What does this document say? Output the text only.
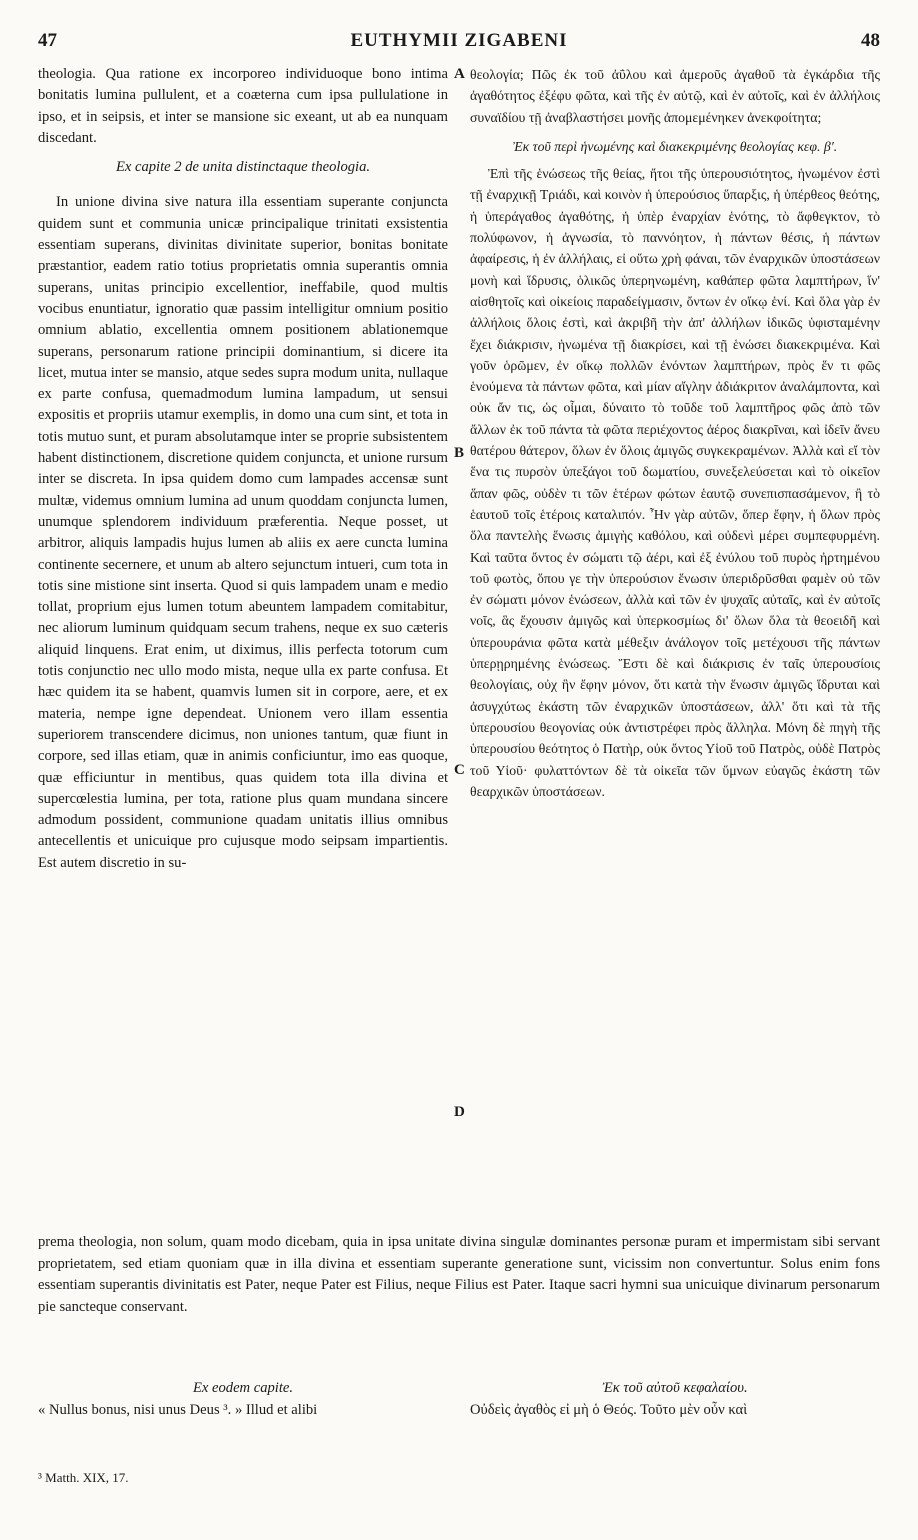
47	EUTHYMII ZIGABENI	48

theologia. Qua ratione ex incorporeo individuoque bono intima bonitatis lumina pullulent, et a coæterna cum ipsa pullulatione in ipso, et in seipsis, et inter se mansione sic exeant, ut ab ea nunquam discedant.

Ex capite 2 de unita distinctaque theologia.

In unione divina sive natura illa essentiam superante conjuncta quidem sunt et communia unicæ principalique trinitati exsistentia essentiam superans, divinitas divinitate superior, bonitas bonitate præstantior, eadem ratio totius proprietatis omnia superantis omnia superans, unitas principio excellentior, ineffabile, quod multis vocibus enuntiatur, ignoratio quæ passim intelligitur omnium positio omnium ablatio, excellentia omnem positionem ablationemque superans, personarum ratione principii dominantium, si dicere ita licet, mutua inter se mansio, atque sedes supra modum unita, nullaque ex parte confusa, quemadmodum lumina lampadum, ut sensui expositis et propriis utamur exemplis, in domo una cum sint, et tota in totis mutuo sunt, et puram absolutamque inter se proprie subsistentem habent distinctionem, discretione quidem conjuncta, et unione rursum inter se discreta. In ipsa quidem domo cum lampades accensæ sunt multæ, videmus omnium lumina ad unum quoddam conjuncta lumen, unumque splendorem individuum præferentia. Neque posset, ut arbitror, aliquis lampadis hujus lumen ab aliis ex aere cuncta lumina continente secernere, et unum ab altero sejunctum intueri, cum tota in totis sine mistione sint inserta. Quod si quis lampadem unam e medio tollat, proprium ejus lumen totum abeuntem lampadem comitabitur, nec aliorum luminum quidquam secum trahens, neque ex suo cæteris aliquid linquens. Erat enim, ut diximus, illis perfecta totorum cum totis conjunctio nec ullo modo mista, neque ulla ex parte confusa. Et hæc quidem ita se habent, quamvis lumen sit in corpore, aere, et ex materia, nempe igne dependeat. Unionem vero illam essentia superiorem transcendere dicimus, non uniones tantum, quæ fiunt in corpore, sed illas etiam, quæ in animis conficiuntur, imo eas quoque, quæ efficiuntur in mentibus, quas quidem tota illa divina et supercœlestia lumina, per tota, ratione plus quam mundana sincere admodum possident, communione quadam unitatis illius omnibus antecellentis et unicuique pro cujusque modo seipsam impartientis. Est autem discretio in su-

θεολογία; Πῶς ἐκ τοῦ ἀΰλου καὶ ἀμεροῦς ἀγαθοῦ τὰ ἐγκάρδια τῆς ἀγαθότητος ἐξέφυ φῶτα, καὶ τῆς ἐν αὐτῷ, καὶ ἐν αὐτοῖς, καὶ ἐν ἀλλήλοις συναϊδίου τῇ ἀναβλαστήσει μονῆς ἀπομεμένηκεν ἀνεκφοίτητα;

Ἐκ τοῦ περὶ ἡνωμένης καὶ διακεκριμένης θεολογίας κεφ. β'.

Ἐπὶ τῆς ἑνώσεως τῆς θείας, ἤτοι τῆς ὑπερουσιότητος, ἡνωμένον ἐστὶ τῇ ἐναρχικῇ Τριάδι, καὶ κοινὸν ἡ ὑπερούσιος ὕπαρξις, ἡ ὑπέρθεος θεότης, ἡ ὑπεράγαθος ἀγαθότης, ἡ ὑπὲρ ἐναρχίαν ἑνότης, τὸ ἄφθεγκτον, τὸ πολύφωνον, ἡ ἀγνωσία, τὸ παννόητον, ἡ πάντων θέσις, ἡ πάντων ἀφαίρεσις, ἡ ἐν ἀλλήλαις, εἰ οὕτω χρὴ φάναι, τῶν ἐναρχικῶν ὑποστάσεων μονὴ καὶ ἵδρυσις, ὁλικῶς ὑπερηνωμένη, καθάπερ φῶτα λαμπτήρων, ἵν' αἰσθητοῖς καὶ οἰκείοις παραδείγμασιν, ὄντων ἐν οἴκῳ ἑνί. Καὶ ὅλα γὰρ ἐν ἀλλήλοις ὅλοις ἐστὶ, καὶ ἀκριβῆ τὴν ἀπ' ἀλλήλων ἰδικῶς ὑφισταμένην ἔχει διάκρισιν, ἡνωμένα τῇ διακρίσει, καὶ τῇ ἑνώσει διακεκριμένα. Καὶ γοῦν ὁρῶμεν, ἐν οἴκῳ πολλῶν ἐνόντων λαμπτήρων, πρὸς ἕν τι φῶς ἑνούμενα τὰ πάντων φῶτα, καὶ μίαν αἴγλην ἀδιάκριτον ἀναλάμποντα, καὶ οὐκ ἄν τις, ὡς οἶμαι, δύναιτο τὸ τοῦδε τοῦ λαμπτῆρος φῶς ἀπὸ τῶν ἄλλων ἐκ τοῦ πάντα τὰ φῶτα περιέχοντος ἀέρος διακρῖναι, καὶ ἰδεῖν ἄνευ θατέρου θάτερον, ὅλων ἐν ὅλοις ἀμιγῶς συγκεκραμένων. Ἀλλὰ καὶ εἴ τὸν ἕνα τις πυρσὸν ὑπεξάγοι τοῦ δωματίου, συνεξελεύσεται καὶ τὸ οἰκεῖον ἅπαν φῶς, οὐδὲν τι τῶν ἑτέρων φώτων ἑαυτῷ συνεπισπασάμενον, ἢ τὸ ἑαυτοῦ τοῖς ἑτέροις καταλιπόν. Ἦν γὰρ αὐτῶν, ὅπερ ἔφην, ἡ ὅλων πρὸς ὅλα παντελὴς ἕνωσις ἀμιγὴς καθόλου, καὶ οὐδενὶ μέρει συμπεφυρμένη. Καὶ ταῦτα ὄντος ἐν σώματι τῷ ἀέρι, καὶ ἐξ ἐνύλου τοῦ πυρὸς ἠρτημένου τοῦ φωτὸς, ὅπου γε τὴν ὑπερούσιον ἕνωσιν ὑπεριδρῦσθαι φαμὲν οὐ τῶν ἐν σώματι μόνον ἑνώσεων, ἀλλὰ καὶ τῶν ἐν ψυχαῖς αὐταῖς, καὶ ἐν αὐτοῖς νοῖς, ἃς ἔχουσιν ἀμιγῶς καὶ ὑπερκοσμίως δι' ὅλων ὅλα τὰ θεοειδῆ καὶ ὑπερουράνια φῶτα κατὰ μέθεξιν ἀνάλογον τοῖς μετέχουσι τῆς πάντων ὑπερῃρημένης ἑνώσεως. Ἔστι δὲ καὶ διάκρισις ἐν ταῖς ὑπερουσίοις θεολογίαις, οὐχ ἣν ἔφην μόνον, ὅτι κατὰ τὴν ἕνωσιν ἀμιγῶς ἵδρυται καὶ ἀσυγχύτως ἑκάστη τῶν ἐναρχικῶν ὑποστάσεων, ἀλλ' ὅτι καὶ τὰ τῆς ὑπερουσίου θεογονίας οὐκ ἀντιστρέφει πρὸς ἄλληλα. Μόνη δὲ πηγὴ τῆς ὑπερουσίου θεότητος ὁ Πατὴρ, οὐκ ὄντος Υἱοῦ τοῦ Πατρὸς, οὐδὲ Πατρὸς τοῦ Υἱοῦ· φυλαττόντων δὲ τὰ οἰκεῖα τῶν ὕμνων εὐαγῶς ἑκάστη τῶν θεαρχικῶν ὑποστάσεων.

A
B
C
D

prema theologia, non solum, quam modo dicebam, quia in ipsa unitate divina singulæ dominantes personæ puram et impermistam sibi servant proprietatem, sed etiam quoniam quæ in illa divina et essentiam superante generatione sunt, vicissim non convertuntur. Solus enim fons essentiam superantis divinitatis est Pater, neque Pater est Filius, neque Filius est Pater. Itaque sacri hymni sua unicuique divinarum personarum pie sancteque conservant.

Ex eodem capite.
« Nullus bonus, nisi unus Deus ³. » Illud et alibi
Ἐκ τοῦ αὐτοῦ κεφαλαίου.
Οὐδεὶς ἀγαθὸς εἰ μὴ ὁ Θεός. Τοῦτο μὲν οὖν καὶ
³ Matth. XIX, 17.
